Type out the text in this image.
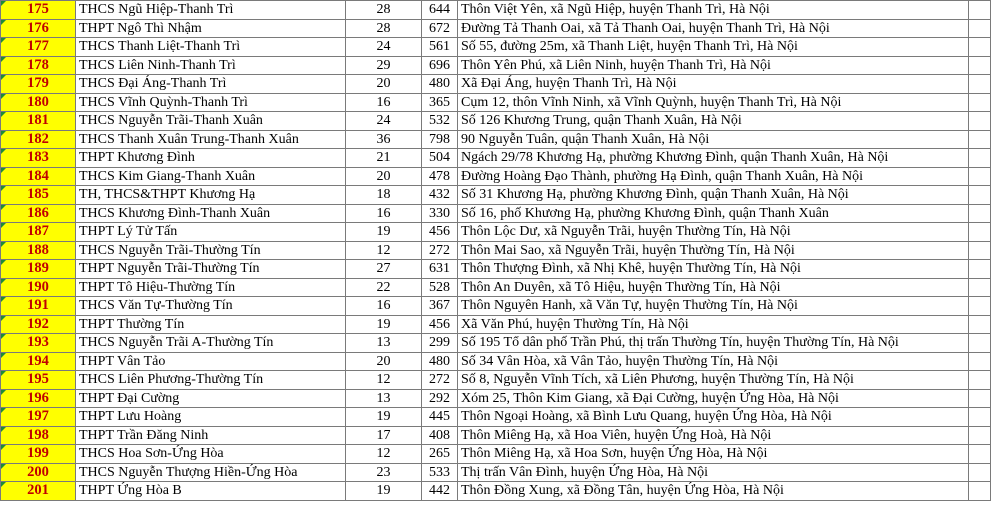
175	THCS Ngũ Hiệp-Thanh Trì	28	644	Thôn Việt Yên, xã Ngũ Hiệp, huyện Thanh Trì, Hà Nội	
176	THPT Ngô Thì Nhậm	28	672	Đường Tả Thanh Oai, xã Tả Thanh Oai, huyện Thanh Trì, Hà Nội	
177	THCS Thanh Liệt-Thanh Trì	24	561	Số 55, đường 25m, xã Thanh Liệt, huyện Thanh Trì, Hà Nội	
178	THCS Liên Ninh-Thanh Trì	29	696	Thôn Yên Phú, xã Liên Ninh, huyện Thanh Trì, Hà Nội	
179	THCS Đại Áng-Thanh Trì	20	480	Xã Đại Áng, huyện Thanh Trì, Hà Nội	
180	THCS Vĩnh Quỳnh-Thanh Trì	16	365	Cụm 12, thôn Vĩnh Ninh, xã Vĩnh Quỳnh, huyện Thanh Trì, Hà Nội	
181	THCS Nguyễn Trãi-Thanh Xuân	24	532	Số 126 Khương Trung, quận Thanh Xuân, Hà Nội	
182	THCS Thanh Xuân Trung-Thanh Xuân	36	798	90 Nguyễn Tuân, quận Thanh Xuân, Hà Nội	
183	THPT Khương Đình	21	504	Ngách 29/78 Khương Hạ, phường Khương Đình, quận Thanh Xuân, Hà Nội	
184	THCS Kim Giang-Thanh Xuân	20	478	Đường Hoàng Đạo Thành, phường Hạ Đình, quận Thanh Xuân, Hà Nội	
185	TH, THCS&THPT Khương Hạ	18	432	Số 31 Khương Hạ, phường Khương Đình, quận Thanh Xuân, Hà Nội	
186	THCS Khương Đình-Thanh Xuân	16	330	Số 16, phố Khương Hạ, phường Khương Đình, quận Thanh Xuân	
187	THPT Lý Tử Tấn	19	456	Thôn Lộc Dư, xã Nguyễn Trãi, huyện Thường Tín, Hà Nội	
188	THCS Nguyễn Trãi-Thường Tín	12	272	Thôn Mai Sao, xã Nguyễn Trãi, huyện Thường Tín, Hà Nội	
189	THPT Nguyễn Trãi-Thường Tín	27	631	Thôn Thượng Đình, xã Nhị Khê, huyện Thường Tín, Hà Nội	
190	THPT Tô Hiệu-Thường Tín	22	528	Thôn An Duyên, xã Tô Hiệu, huyện Thường Tín, Hà Nội	
191	THCS Văn Tự-Thường Tín	16	367	Thôn Nguyên Hanh, xã Văn Tự, huyện Thường Tín, Hà Nội	
192	THPT Thường Tín	19	456	Xã Văn Phú, huyện Thường Tín, Hà Nội	
193	THCS Nguyễn Trãi A-Thường Tín	13	299	Số 195 Tổ dân phố Trần Phú, thị trấn Thường Tín, huyện Thường Tín, Hà Nội	
194	THPT Vân Tảo	20	480	Số 34 Vân Hòa, xã Vân Tảo, huyện Thường Tín, Hà Nội	
195	THCS Liên Phương-Thường Tín	12	272	Số 8, Nguyễn Vĩnh Tích, xã Liên Phương, huyện Thường Tín, Hà Nội	
196	THPT Đại Cường	13	292	Xóm 25, Thôn Kim Giang, xã Đại Cường, huyện Ứng Hòa, Hà Nội	
197	THPT Lưu Hoàng	19	445	Thôn Ngoại Hoàng, xã Bình Lưu Quang, huyện Ứng Hòa, Hà Nội	
198	THPT Trần Đăng Ninh	17	408	Thôn Miêng Hạ, xã Hoa Viên, huyện Ứng Hoà, Hà Nội	
199	THCS Hoa Sơn-Ứng Hòa	12	265	Thôn Miêng Hạ, xã Hoa Sơn, huyện Ứng Hòa, Hà Nội	
200	THCS Nguyễn Thượng Hiền-Ứng Hòa	23	533	Thị trấn Vân Đình, huyện Ứng Hòa, Hà Nội	
201	THPT Ứng Hòa B	19	442	Thôn Đồng Xung, xã Đồng Tân, huyện Ứng Hòa, Hà Nội	
